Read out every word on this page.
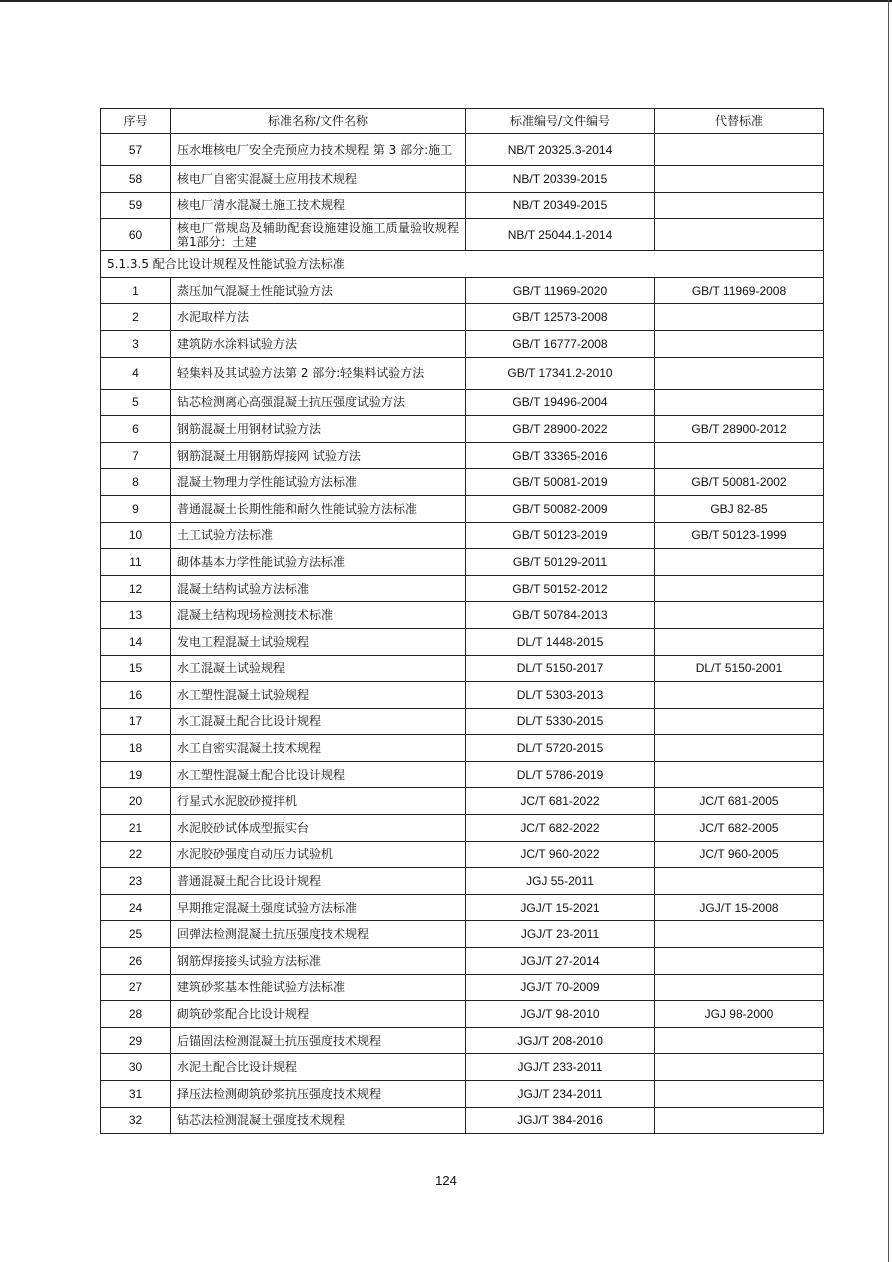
序号	标准名称/文件名称	标准编号/文件编号	代替标准
57	压水堆核电厂安全壳预应力技术规程 第 3 部分:施工	NB/T 20325.3-2014	
58	核电厂自密实混凝土应用技术规程	NB/T 20339-2015	
59	核电厂清水混凝土施工技术规程	NB/T 20349-2015	
60	核电厂常规岛及辅助配套设施建设施工质量验收规程第1部分：土建	NB/T 25044.1-2014	
5.1.3.5 配合比设计规程及性能试验方法标准			
1	蒸压加气混凝土性能试验方法	GB/T 11969-2020	GB/T 11969-2008
2	水泥取样方法	GB/T 12573-2008	
3	建筑防水涂料试验方法	GB/T 16777-2008	
4	轻集料及其试验方法第 2 部分:轻集料试验方法	GB/T 17341.2-2010	
5	钻芯检测离心高强混凝土抗压强度试验方法	GB/T 19496-2004	
6	钢筋混凝土用钢材试验方法	GB/T 28900-2022	GB/T 28900-2012
7	钢筋混凝土用钢筋焊接网 试验方法	GB/T 33365-2016	
8	混凝土物理力学性能试验方法标准	GB/T 50081-2019	GB/T 50081-2002
9	普通混凝土长期性能和耐久性能试验方法标准	GB/T 50082-2009	GBJ 82-85
10	土工试验方法标准	GB/T 50123-2019	GB/T 50123-1999
11	砌体基本力学性能试验方法标准	GB/T 50129-2011	
12	混凝土结构试验方法标准	GB/T 50152-2012	
13	混凝土结构现场检测技术标准	GB/T 50784-2013	
14	发电工程混凝土试验规程	DL/T 1448-2015	
15	水工混凝土试验规程	DL/T 5150-2017	DL/T 5150-2001
16	水工塑性混凝土试验规程	DL/T 5303-2013	
17	水工混凝土配合比设计规程	DL/T 5330-2015	
18	水工自密实混凝土技术规程	DL/T 5720-2015	
19	水工塑性混凝土配合比设计规程	DL/T 5786-2019	
20	行星式水泥胶砂搅拌机	JC/T 681-2022	JC/T 681-2005
21	水泥胶砂试体成型振实台	JC/T 682-2022	JC/T 682-2005
22	水泥胶砂强度自动压力试验机	JC/T 960-2022	JC/T 960-2005
23	普通混凝土配合比设计规程	JGJ 55-2011	
24	早期推定混凝土强度试验方法标准	JGJ/T 15-2021	JGJ/T 15-2008
25	回弹法检测混凝土抗压强度技术规程	JGJ/T 23-2011	
26	钢筋焊接接头试验方法标准	JGJ/T 27-2014	
27	建筑砂浆基本性能试验方法标准	JGJ/T 70-2009	
28	砌筑砂浆配合比设计规程	JGJ/T 98-2010	JGJ 98-2000
29	后锚固法检测混凝土抗压强度技术规程	JGJ/T 208-2010	
30	水泥土配合比设计规程	JGJ/T 233-2011	
31	择压法检测砌筑砂浆抗压强度技术规程	JGJ/T 234-2011	
32	钻芯法检测混凝土强度技术规程	JGJ/T 384-2016	
124
